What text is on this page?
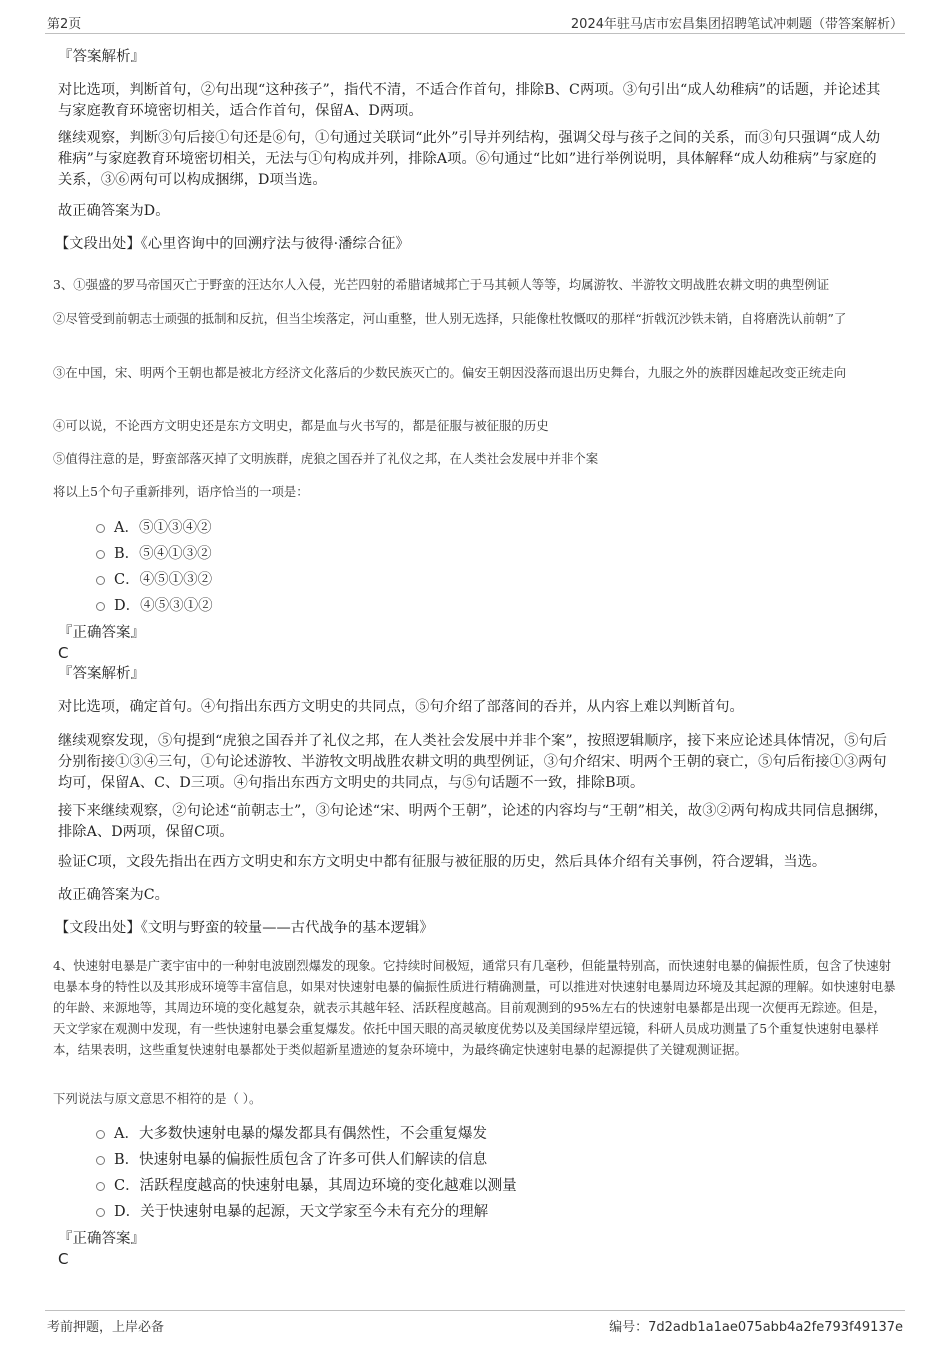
第2页	2024年驻马店市宏昌集团招聘笔试冲刺题（带答案解析）
『答案解析』
对比选项，判断首句，②句出现“这种孩子”，指代不清，不适合作首句，排除B、C两项。③句引出“成人幼稚病”的话题，并论述其与家庭教育环境密切相关，适合作首句，保留A、D两项。
继续观察，判断③句后接①句还是⑥句，①句通过关联词“此外”引导并列结构，强调父母与孩子之间的关系，而③句只强调“成人幼稚病”与家庭教育环境密切相关，无法与①句构成并列，排除A项。⑥句通过“比如”进行举例说明，具体解释“成人幼稚病”与家庭的关系，③⑥两句可以构成捆绑，D项当选。
故正确答案为D。
【文段出处】《心里咨询中的回溯疗法与彼得·潘综合征》
3、①强盛的罗马帝国灭亡于野蛮的汪达尔人入侵，光芒四射的希腊诸城邦亡于马其顿人等等，均属游牧、半游牧文明战胜农耕文明的典型例证
②尽管受到前朝志士顽强的抵制和反抗，但当尘埃落定，河山重整，世人别无选择，只能像杜牧慨叹的那样“折戟沉沙铁未销，自将磨洗认前朝”了
③在中国，宋、明两个王朝也都是被北方经济文化落后的少数民族灭亡的。偏安王朝因没落而退出历史舞台，九服之外的族群因雄起改变正统走向
④可以说，不论西方文明史还是东方文明史，都是血与火书写的，都是征服与被征服的历史
⑤值得注意的是，野蛮部落灭掉了文明族群，虎狼之国吞并了礼仪之邦，在人类社会发展中并非个案
将以上5个句子重新排列，语序恰当的一项是：
A．⑤①③④②
B．⑤④①③②
C．④⑤①③②
D．④⑤③①②
『正确答案』
C
『答案解析』
对比选项，确定首句。④句指出东西方文明史的共同点，⑤句介绍了部落间的吞并，从内容上难以判断首句。
继续观察发现，⑤句提到“虎狼之国吞并了礼仪之邦，在人类社会发展中并非个案”，按照逻辑顺序，接下来应论述具体情况，⑤句后分别衔接①③④三句，①句论述游牧、半游牧文明战胜农耕文明的典型例证，③句介绍宋、明两个王朝的衰亡，⑤句后衔接①③两句均可，保留A、C、D三项。④句指出东西方文明史的共同点，与⑤句话题不一致，排除B项。
接下来继续观察，②句论述“前朝志士”，③句论述“宋、明两个王朝”，论述的内容均与“王朝”相关，故③②两句构成共同信息捆绑，排除A、D两项，保留C项。
验证C项，文段先指出在西方文明史和东方文明史中都有征服与被征服的历史，然后具体介绍有关事例，符合逻辑，当选。
故正确答案为C。
【文段出处】《文明与野蛮的较量——古代战争的基本逻辑》
4、快速射电暴是广袤宇宙中的一种射电波剧烈爆发的现象。它持续时间极短，通常只有几毫秒，但能量特别高，而快速射电暴的偏振性质，包含了快速射电暴本身的特性以及其形成环境等丰富信息，如果对快速射电暴的偏振性质进行精确测量，可以推进对快速射电暴周边环境及其起源的理解。如快速射电暴的年龄、来源地等，其周边环境的变化越复杂，就表示其越年轻、活跃程度越高。目前观测到的95%左右的快速射电暴都是出现一次便再无踪迹。但是，天文学家在观测中发现，有一些快速射电暴会重复爆发。依托中国天眼的高灵敏度优势以及美国绿岸望远镜，科研人员成功测量了5个重复快速射电暴样本，结果表明，这些重复快速射电暴都处于类似超新星遗迹的复杂环境中，为最终确定快速射电暴的起源提供了关键观测证据。
下列说法与原文意思不相符的是（ ）。
A．大多数快速射电暴的爆发都具有偶然性，不会重复爆发
B．快速射电暴的偏振性质包含了许多可供人们解读的信息
C．活跃程度越高的快速射电暴，其周边环境的变化越难以测量
D．关于快速射电暴的起源，天文学家至今未有充分的理解
『正确答案』
C
考前押题，上岸必备	编号：7d2adb1a1ae075abb4a2fe793f49137e
